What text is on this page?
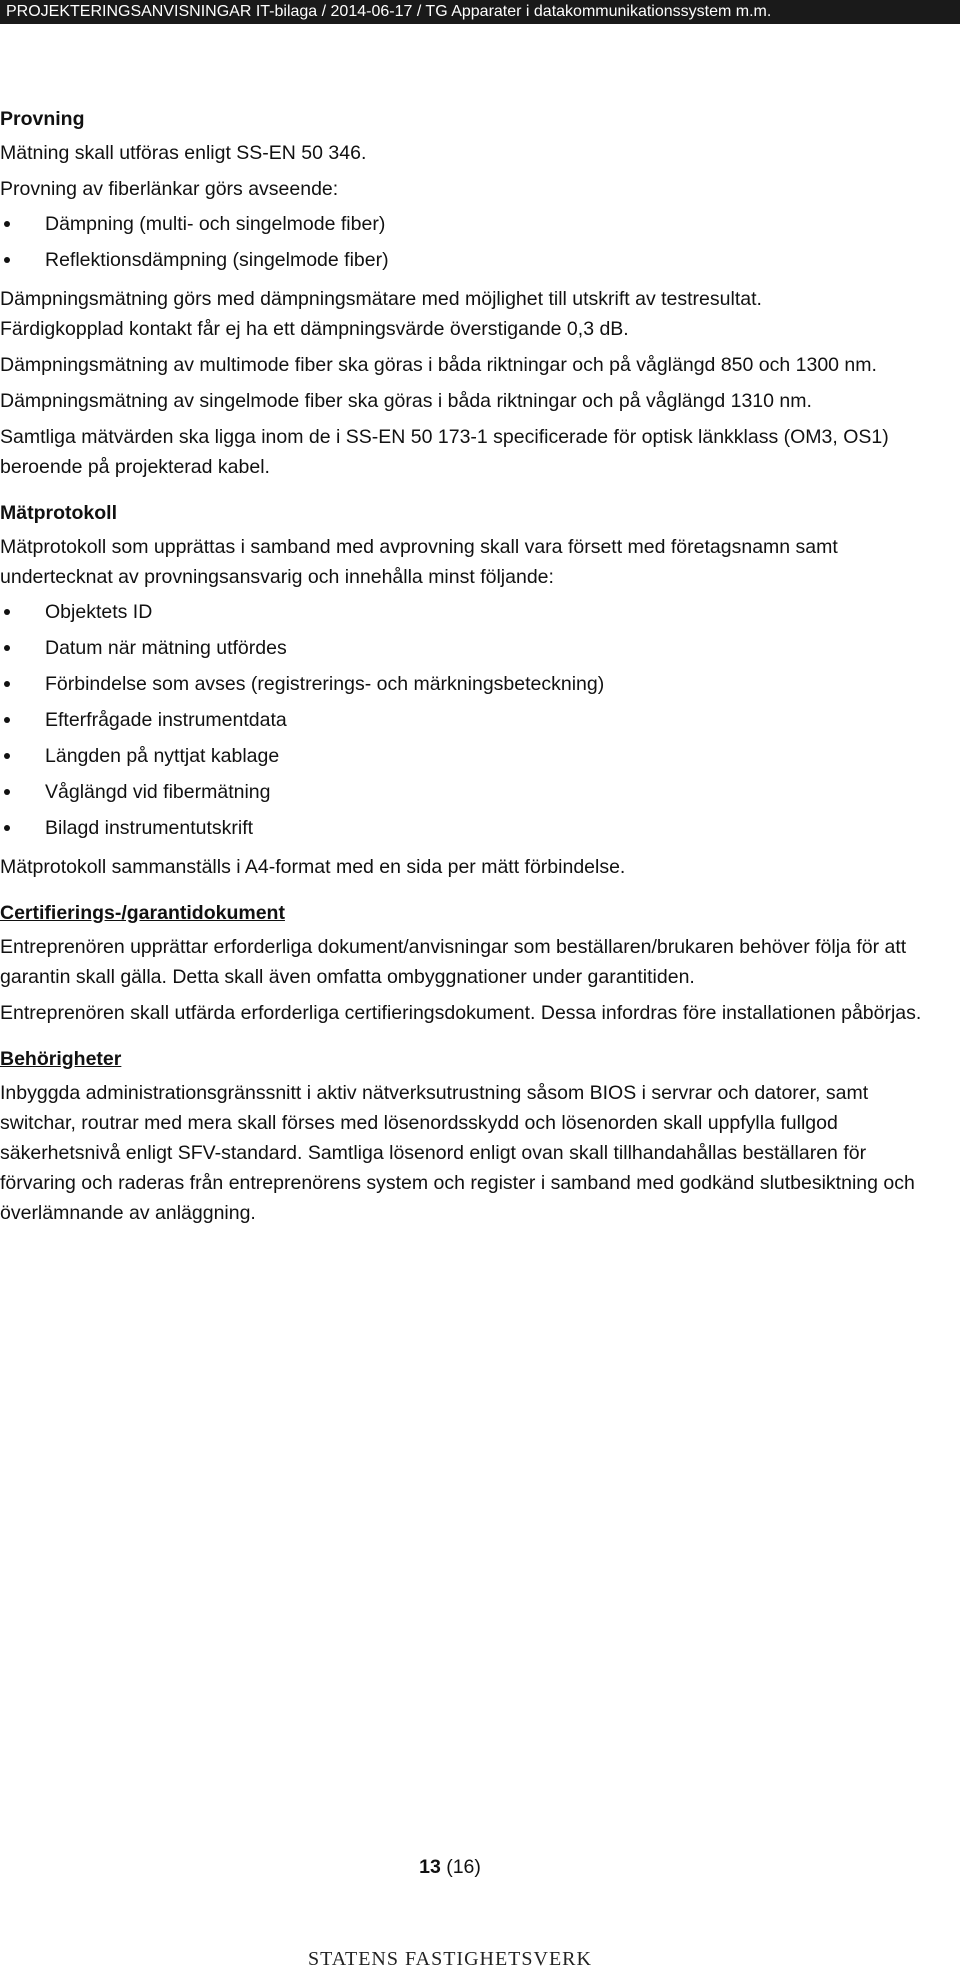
PROJEKTERINGSANVISNINGAR IT-bilaga / 2014-06-17 / TG Apparater i datakommunikationssystem m.m.
Provning

Mätning skall utföras enligt SS-EN 50 346.

Provning av fiberlänkar görs avseende:

Dämpning (multi- och singelmode fiber)
Reflektionsdämpning (singelmode fiber)

Dämpningsmätning görs med dämpningsmätare med möjlighet till utskrift av testresultat.

Färdigkopplad kontakt får ej ha ett dämpningsvärde överstigande 0,3 dB.

Dämpningsmätning av multimode fiber ska göras i båda riktningar och på våglängd 850 och 1300 nm.

Dämpningsmätning av singelmode fiber ska göras i båda riktningar och på våglängd 1310 nm.

Samtliga mätvärden ska ligga inom de i SS-EN 50 173-1 specificerade för optisk länkklass (OM3, OS1) beroende på projekterad kabel.

Mätprotokoll

Mätprotokoll som upprättas i samband med avprovning skall vara försett med företagsnamn samt undertecknat av provningsansvarig och innehålla minst följande:

Objektets ID
Datum när mätning utfördes
Förbindelse som avses (registrerings- och märkningsbeteckning)
Efterfrågade instrumentdata
Längden på nyttjat kablage
Våglängd vid fibermätning
Bilagd instrumentutskrift

Mätprotokoll sammanställs i A4-format med en sida per mätt förbindelse.

Certifierings-/garantidokument

Entreprenören upprättar erforderliga dokument/anvisningar som beställaren/brukaren behöver följa för att garantin skall gälla. Detta skall även omfatta ombyggnationer under garantitiden.

Entreprenören skall utfärda erforderliga certifieringsdokument. Dessa infordras före installationen påbörjas.

Behörigheter

Inbyggda administrationsgränssnitt i aktiv nätverksutrustning såsom BIOS i servrar och datorer, samt switchar, routrar med mera skall förses med lösenordsskydd och lösenorden skall uppfylla fullgod säkerhetsnivå enligt SFV-standard. Samtliga lösenord enligt ovan skall tillhandahållas beställaren för förvaring och raderas från entreprenörens system och register i samband med godkänd slutbesiktning och överlämnande av anläggning.

13 (16)
STATENS FASTIGHETSVERK
